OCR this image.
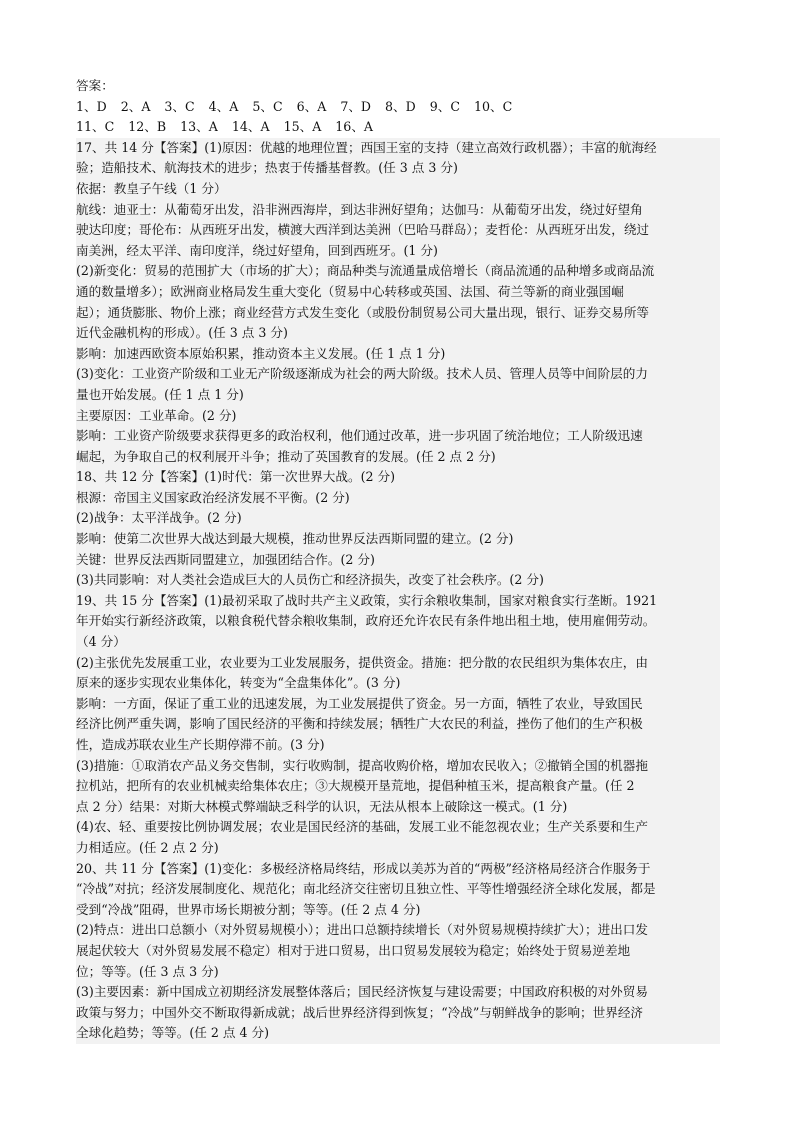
答案：
1、D 2、A 3、C 4、A 5、C 6、A 7、D 8、D 9、C 10、C
11、C 12、B 13、A 14、A 15、A 16、A
17、共 14 分【答案】(1)原因：优越的地理位置；西国王室的支持（建立高效行政机器）；丰富的航海经
验；造船技术、航海技术的进步；热衷于传播基督教。(任 3 点 3 分)
依据：教皇子午线（1 分）
航线：迪亚士：从葡萄牙出发，沿非洲西海岸，到达非洲好望角；达伽马：从葡萄牙出发，绕过好望角
驶达印度；哥伦布：从西班牙出发，横渡大西洋到达美洲（巴哈马群岛）；麦哲伦：从西班牙出发，绕过
南美洲，经太平洋、南印度洋，绕过好望角，回到西班牙。(1 分)
(2)新变化：贸易的范围扩大（市场的扩大）；商品种类与流通量成倍增长（商品流通的品种增多或商品流
通的数量增多）；欧洲商业格局发生重大变化（贸易中心转移或英国、法国、荷兰等新的商业强国崛
起）；通货膨胀、物价上涨；商业经营方式发生变化（或股份制贸易公司大量出现，银行、证券交易所等
近代金融机构的形成）。(任 3 点 3 分)
影响：加速西欧资本原始积累，推动资本主义发展。(任 1 点 1 分)
(3)变化：工业资产阶级和工业无产阶级逐渐成为社会的两大阶级。技术人员、管理人员等中间阶层的力
量也开始发展。(任 1 点 1 分)
主要原因：工业革命。(2 分)
影响：工业资产阶级要求获得更多的政治权利，他们通过改革，进一步巩固了统治地位；工人阶级迅速
崛起，为争取自己的权利展开斗争；推动了英国教育的发展。(任 2 点 2 分)
18、共 12 分【答案】(1)时代：第一次世界大战。(2 分)
根源：帝国主义国家政治经济发展不平衡。(2 分)
(2)战争：太平洋战争。(2 分)
影响：使第二次世界大战达到最大规模，推动世界反法西斯同盟的建立。(2 分)
关键：世界反法西斯同盟建立，加强团结合作。(2 分)
(3)共同影响：对人类社会造成巨大的人员伤亡和经济损失，改变了社会秩序。(2 分)
19、共 15 分【答案】(1)最初采取了战时共产主义政策，实行余粮收集制，国家对粮食实行垄断。1921
年开始实行新经济政策，以粮食税代替余粮收集制，政府还允许农民有条件地出租土地，使用雇佣劳动。
（4 分）
(2)主张优先发展重工业，农业要为工业发展服务，提供资金。措施：把分散的农民组织为集体农庄，由
原来的逐步实现农业集体化，转变为“全盘集体化”。(3 分)
影响：一方面，保证了重工业的迅速发展，为工业发展提供了资金。另一方面，牺牲了农业，导致国民
经济比例严重失调，影响了国民经济的平衡和持续发展；牺牲广大农民的利益，挫伤了他们的生产积极
性，造成苏联农业生产长期停滞不前。(3 分)
(3)措施：①取消农产品义务交售制，实行收购制，提高收购价格，增加农民收入；②撤销全国的机器拖
拉机站，把所有的农业机械卖给集体农庄；③大规模开垦荒地，提倡种植玉米，提高粮食产量。(任 2
点 2 分）结果：对斯大林模式弊端缺乏科学的认识，无法从根本上破除这一模式。(1 分)
(4)农、轻、重要按比例协调发展；农业是国民经济的基础，发展工业不能忽视农业；生产关系要和生产
力相适应。(任 2 点 2 分)
20、共 11 分【答案】(1)变化：多极经济格局终结，形成以美苏为首的“两极”经济格局经济合作服务于
“冷战”对抗；经济发展制度化、规范化；南北经济交往密切且独立性、平等性增强经济全球化发展，都是
受到“冷战”阻碍，世界市场长期被分割；等等。(任 2 点 4 分)
(2)特点：进出口总额小（对外贸易规模小）；进出口总额持续增长（对外贸易规模持续扩大）；进出口发
展起伏较大（对外贸易发展不稳定）相对于进口贸易，出口贸易发展较为稳定；始终处于贸易逆差地
位；等等。(任 3 点 3 分)
(3)主要因素：新中国成立初期经济发展整体落后；国民经济恢复与建设需要；中国政府积极的对外贸易
政策与努力；中国外交不断取得新成就；战后世界经济得到恢复；“冷战”与朝鲜战争的影响；世界经济
全球化趋势；等等。(任 2 点 4 分)
